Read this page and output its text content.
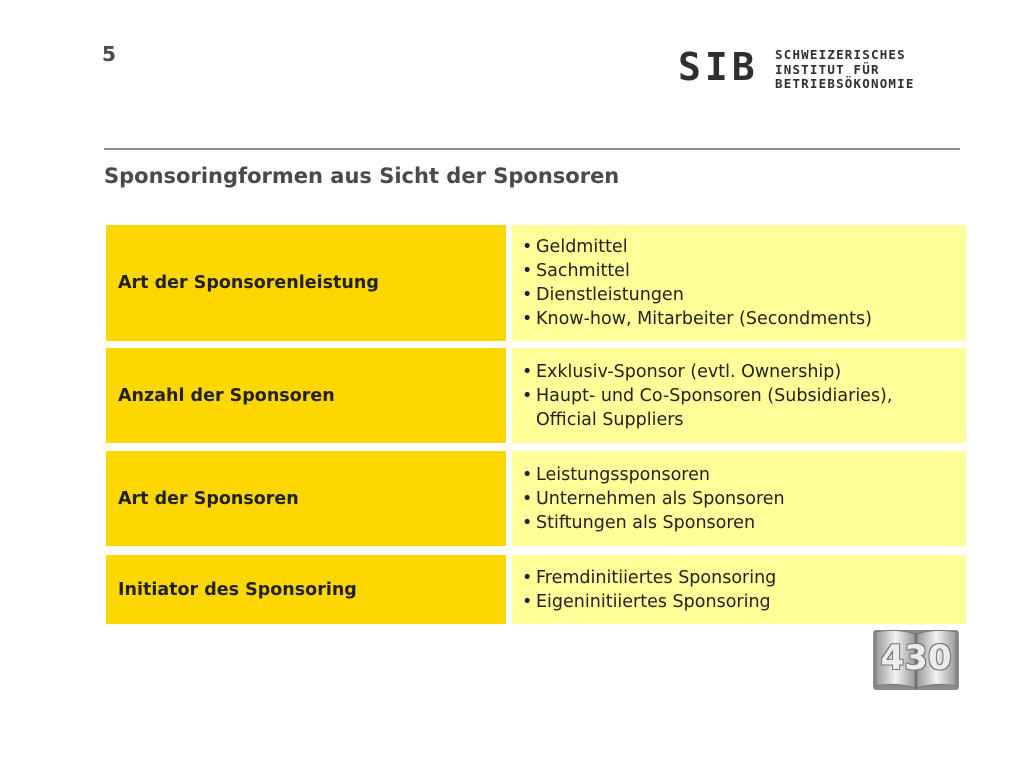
5	SIB SCHWEIZERISCHES
INSTITUT FÜR
BETRIEBSÖKONOMIE
Sponsoringformen aus Sicht der Sponsoren
Art der Sponsorenleistung
• Geldmittel
• Sachmittel
• Dienstleistungen
• Know-how, Mitarbeiter (Secondments)
Anzahl der Sponsoren
• Exklusiv-Sponsor (evtl. Ownership)
• Haupt- und Co-Sponsoren (Subsidiaries),
Official Suppliers
Art der Sponsoren
• Leistungssponsoren
• Unternehmen als Sponsoren
• Stiftungen als Sponsoren
Initiator des Sponsoring
• Fremdinitiiertes Sponsoring
• Eigeninitiiertes Sponsoring
430
